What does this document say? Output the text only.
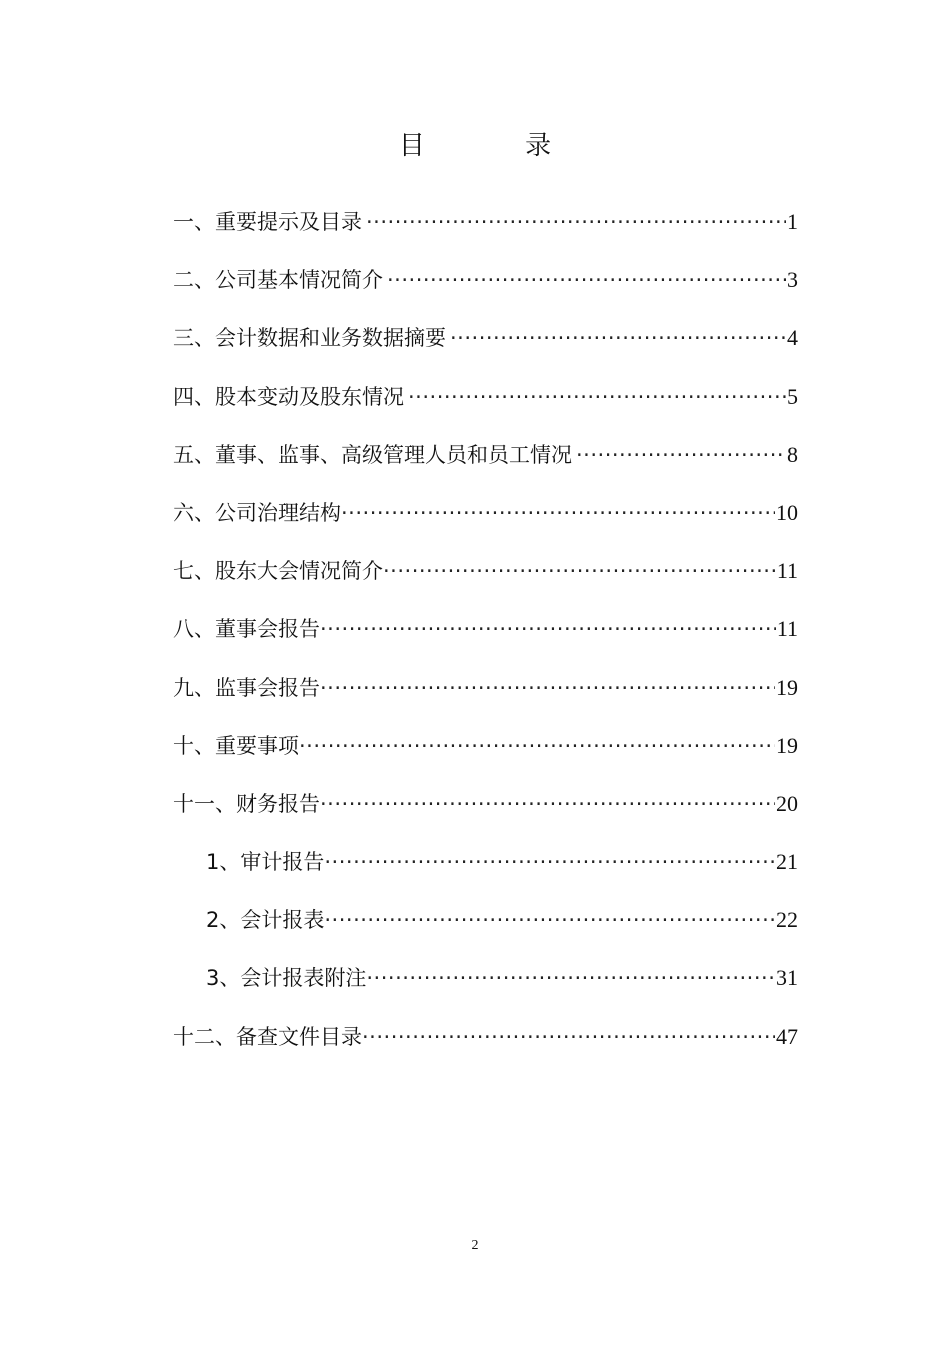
目 录
一、重要提示及目录 ·····	1
二、公司基本情况简介 ·····	3
三、会计数据和业务数据摘要 ·····	4
四、股本变动及股东情况 ·····	5
五、董事、监事、高级管理人员和员工情况 ·····	8
六、公司治理结构 ·····	10
七、股东大会情况简介 ·····	11
八、董事会报告 ·····	11
九、监事会报告 ·····	19
十、重要事项 ·····	19
十一、财务报告 ·····	20
1、审计报告 ·····	21
2、会计报表 ·····	22
3、会计报表附注 ·····	31
十二、备查文件目录 ·····	47
2
